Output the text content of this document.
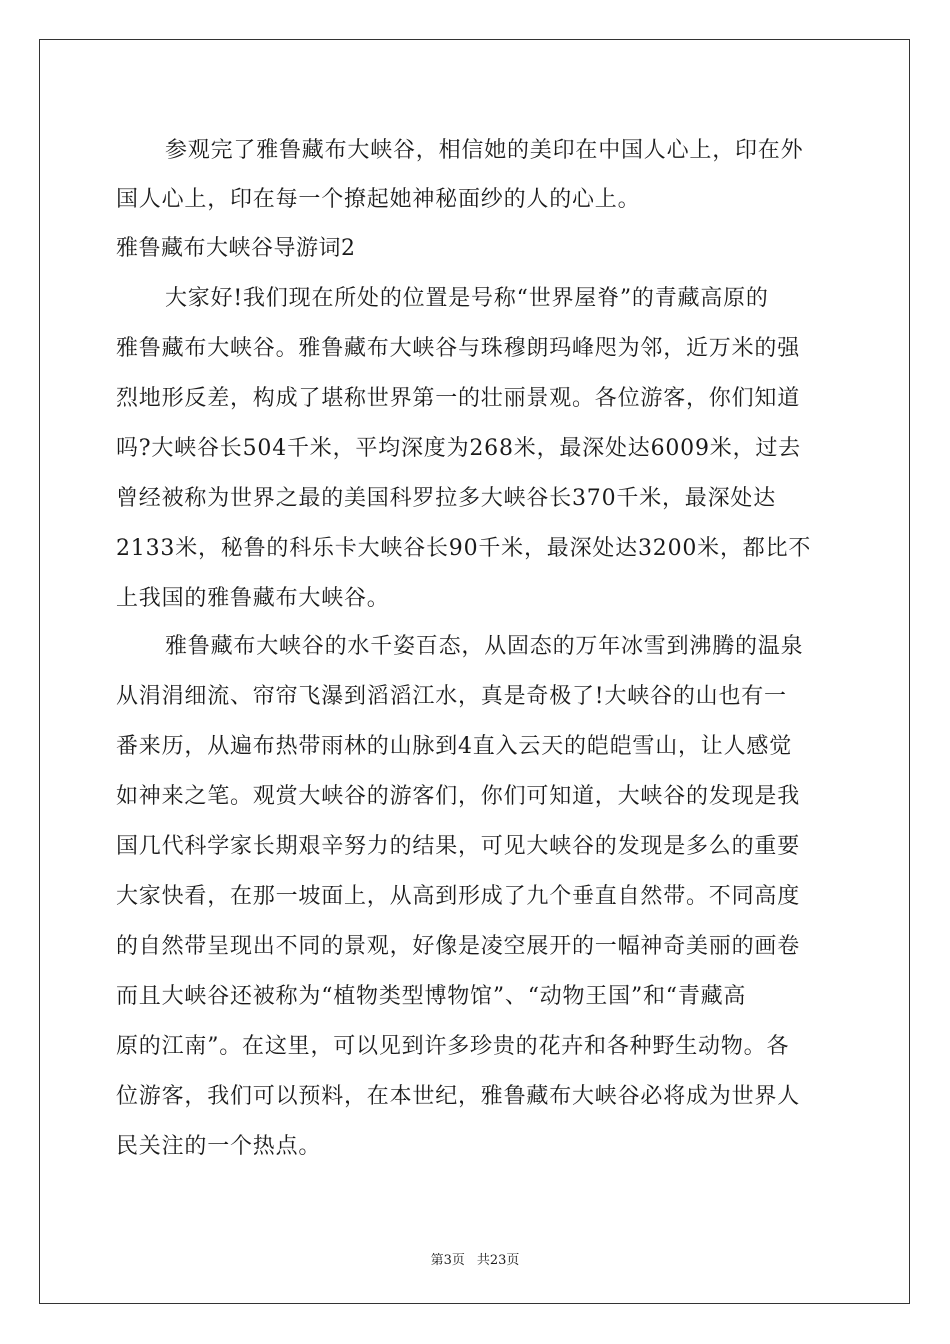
参观完了雅鲁藏布大峡谷，相信她的美印在中国人心上，印在外
国人心上，印在每一个撩起她神秘面纱的人的心上。
雅鲁藏布大峡谷导游词2
大家好!我们现在所处的位置是号称“世界屋脊”的青藏高原的
雅鲁藏布大峡谷。雅鲁藏布大峡谷与珠穆朗玛峰咫为邻，近万米的强
烈地形反差，构成了堪称世界第一的壮丽景观。各位游客，你们知道
吗?大峡谷长504千米，平均深度为268米，最深处达6009米，过去
曾经被称为世界之最的美国科罗拉多大峡谷长370千米，最深处达
2133米，秘鲁的科乐卡大峡谷长90千米，最深处达3200米，都比不
上我国的雅鲁藏布大峡谷。
雅鲁藏布大峡谷的水千姿百态，从固态的万年冰雪到沸腾的温泉
从涓涓细流、帘帘飞瀑到滔滔江水，真是奇极了!大峡谷的山也有一
番来历，从遍布热带雨林的山脉到4直入云天的皑皑雪山，让人感觉
如神来之笔。观赏大峡谷的游客们，你们可知道，大峡谷的发现是我
国几代科学家长期艰辛努力的结果，可见大峡谷的发现是多么的重要
大家快看，在那一坡面上，从高到形成了九个垂直自然带。不同高度
的自然带呈现出不同的景观，好像是凌空展开的一幅神奇美丽的画卷
而且大峡谷还被称为“植物类型博物馆”、“动物王国”和“青藏高
原的江南”。在这里，可以见到许多珍贵的花卉和各种野生动物。各
位游客，我们可以预料，在本世纪，雅鲁藏布大峡谷必将成为世界人
民关注的一个热点。
第3页 共23页
